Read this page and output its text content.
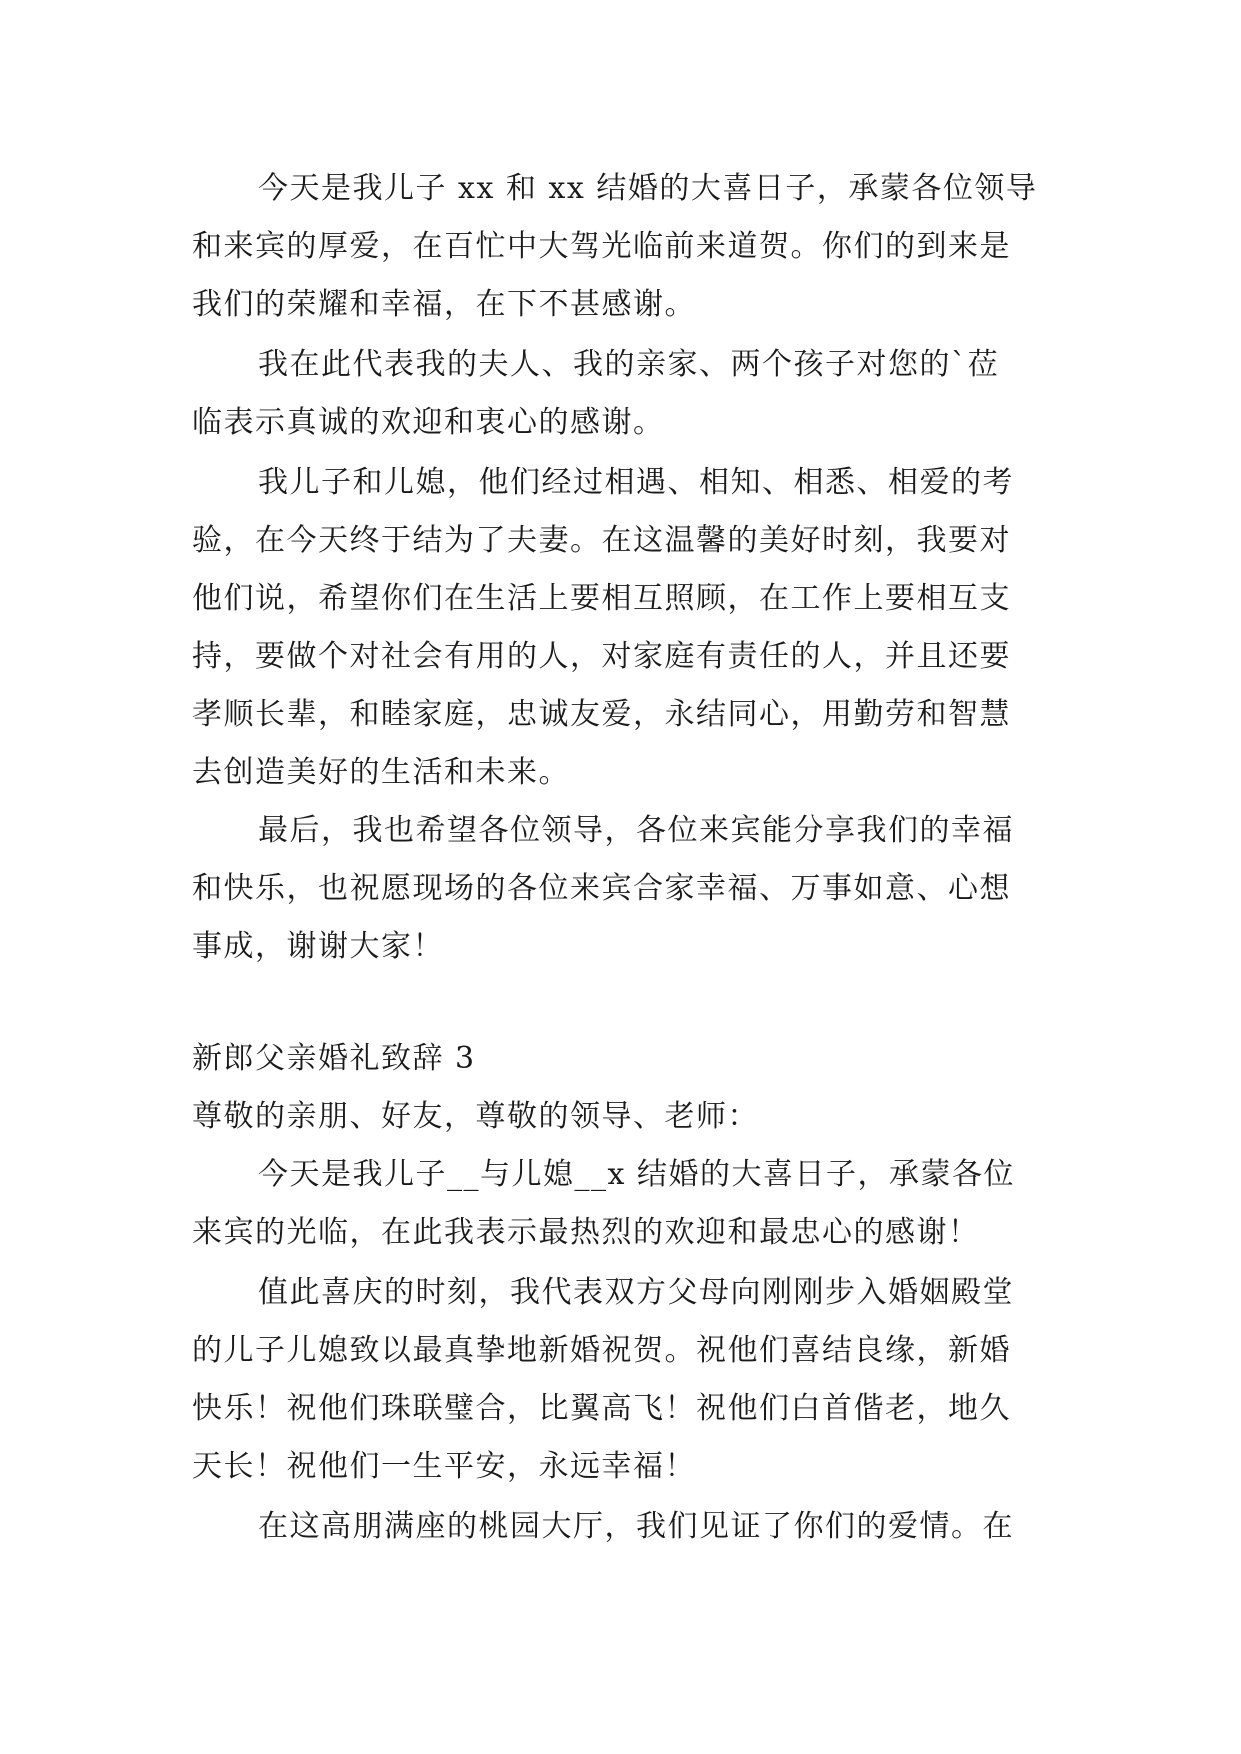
今天是我儿子 xx 和 xx 结婚的大喜日子，承蒙各位领导
和来宾的厚爱，在百忙中大驾光临前来道贺。你们的到来是
我们的荣耀和幸福，在下不甚感谢。
我在此代表我的夫人、我的亲家、两个孩子对您的`莅
临表示真诚的欢迎和衷心的感谢。
我儿子和儿媳，他们经过相遇、相知、相悉、相爱的考
验，在今天终于结为了夫妻。在这温馨的美好时刻，我要对
他们说，希望你们在生活上要相互照顾，在工作上要相互支
持，要做个对社会有用的人，对家庭有责任的人，并且还要
孝顺长辈，和睦家庭，忠诚友爱，永结同心，用勤劳和智慧
去创造美好的生活和未来。
最后，我也希望各位领导，各位来宾能分享我们的幸福
和快乐，也祝愿现场的各位来宾合家幸福、万事如意、心想
事成，谢谢大家！
新郎父亲婚礼致辞 3
尊敬的亲朋、好友，尊敬的领导、老师：
今天是我儿子__与儿媳__x 结婚的大喜日子，承蒙各位
来宾的光临，在此我表示最热烈的欢迎和最忠心的感谢！
值此喜庆的时刻，我代表双方父母向刚刚步入婚姻殿堂
的儿子儿媳致以最真挚地新婚祝贺。祝他们喜结良缘，新婚
快乐！祝他们珠联璧合，比翼高飞！祝他们白首偕老，地久
天长！祝他们一生平安，永远幸福！
在这高朋满座的桃园大厅，我们见证了你们的爱情。在
